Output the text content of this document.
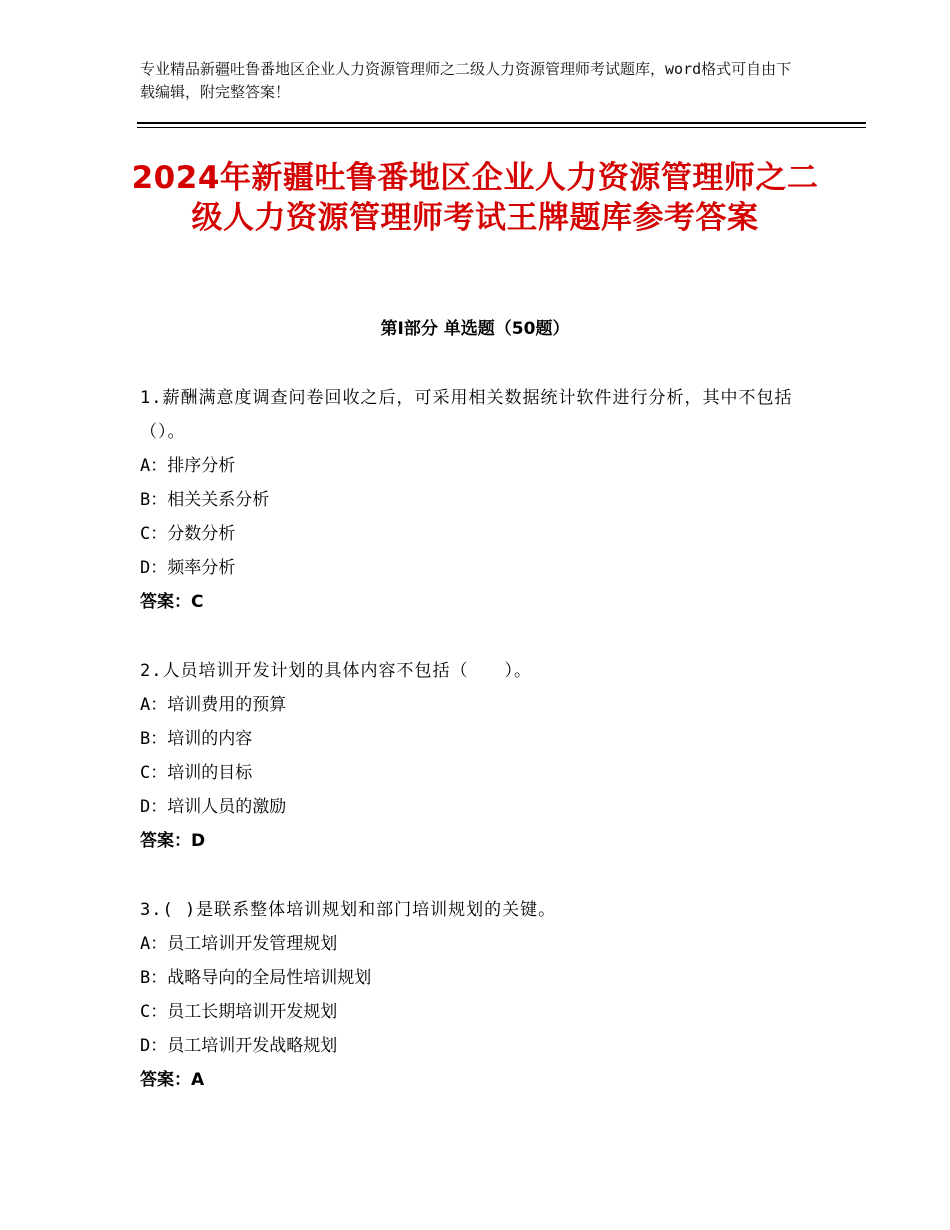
专业精品新疆吐鲁番地区企业人力资源管理师之二级人力资源管理师考试题库，word格式可自由下载编辑，附完整答案！
2024年新疆吐鲁番地区企业人力资源管理师之二级人力资源管理师考试王牌题库参考答案
第Ⅰ部分 单选题（50题）
1.薪酬满意度调查问卷回收之后，可采用相关数据统计软件进行分析，其中不包括（）。
A：排序分析
B：相关关系分析
C：分数分析
D：频率分析
答案：C
2.人员培训开发计划的具体内容不包括（　　）。
A：培训费用的预算
B：培训的内容
C：培训的目标
D：培训人员的激励
答案：D
3.( )是联系整体培训规划和部门培训规划的关键。
A：员工培训开发管理规划
B：战略导向的全局性培训规划
C：员工长期培训开发规划
D：员工培训开发战略规划
答案：A
